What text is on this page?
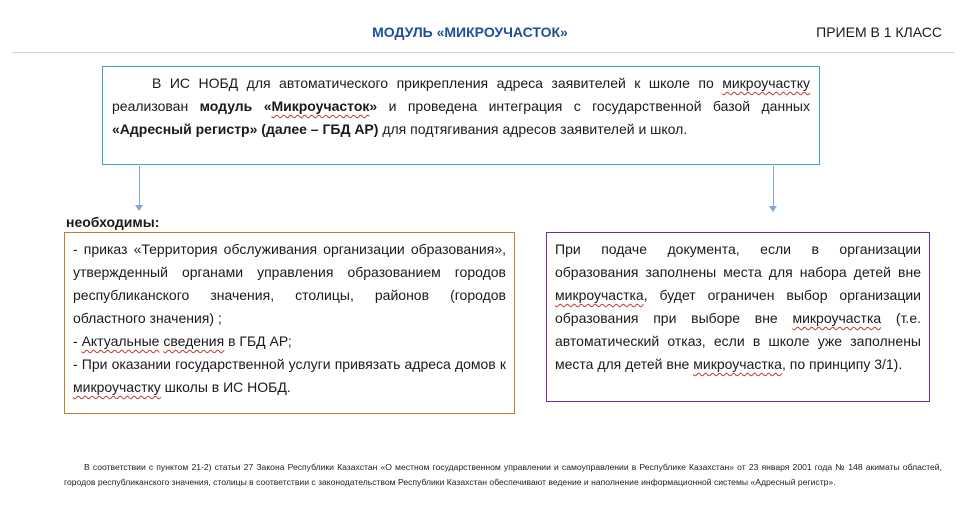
МОДУЛЬ «МИКРОУЧАСТОК»	ПРИЕМ В 1 КЛАСС

В ИС НОБД для автоматического прикрепления адреса заявителей к школе по микроучастку реализован модуль «Микроучасток» и проведена интеграция с государственной базой данных «Адресный регистр» (далее – ГБД АР) для подтягивания адресов заявителей и школ.

необходимы:
- приказ «Территория обслуживания организации образования», утвержденный органами управления образованием городов республиканского значения, столицы, районов (городов областного значения) ;
- Актуальные сведения в ГБД АР;
- При оказании государственной услуги привязать адреса домов к микроучастку школы в ИС НОБД.

При подаче документа, если в организации образования заполнены места для набора детей вне микроучастка, будет ограничен выбор организации образования при выборе вне микроучастка (т.е. автоматический отказ, если в школе уже заполнены места для детей вне микроучастка, по принципу 3/1).

В соответствии с пунктом 21-2) статьи 27 Закона Республики Казахстан «О местном государственном управлении и самоуправлении в Республике Казахстан» от 23 января 2001 года № 148 акиматы областей, городов республиканского значения, столицы в соответствии с законодательством Республики Казахстан обеспечивают ведение и наполнение информационной системы «Адресный регистр».
